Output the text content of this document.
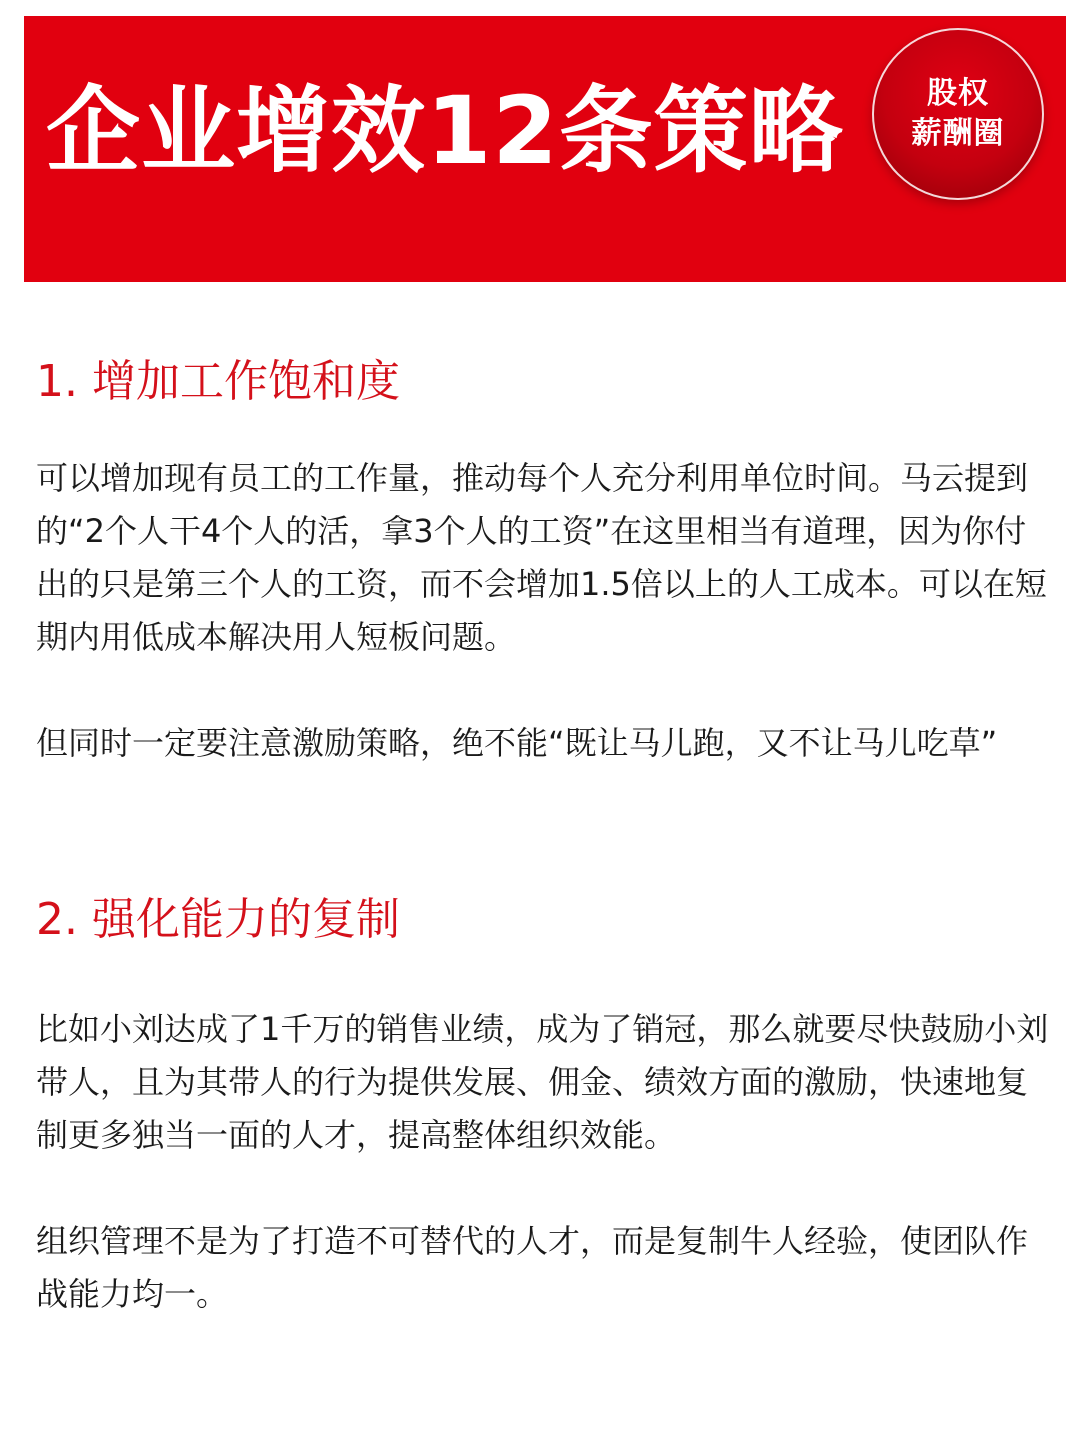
企业增效12条策略	股权
薪酬圈
1. 增加工作饱和度

可以增加现有员工的工作量，推动每个人充分利用单位时间。马云提到的“2个人干4个人的活，拿3个人的工资”在这里相当有道理，因为你付出的只是第三个人的工资，而不会增加1.5倍以上的人工成本。可以在短期内用低成本解决用人短板问题。

但同时一定要注意激励策略，绝不能“既让马儿跑，又不让马儿吃草”

2. 强化能力的复制

比如小刘达成了1千万的销售业绩，成为了销冠，那么就要尽快鼓励小刘带人，且为其带人的行为提供发展、佣金、绩效方面的激励，快速地复制更多独当一面的人才，提高整体组织效能。

组织管理不是为了打造不可替代的人才，而是复制牛人经验，使团队作战能力均一。
